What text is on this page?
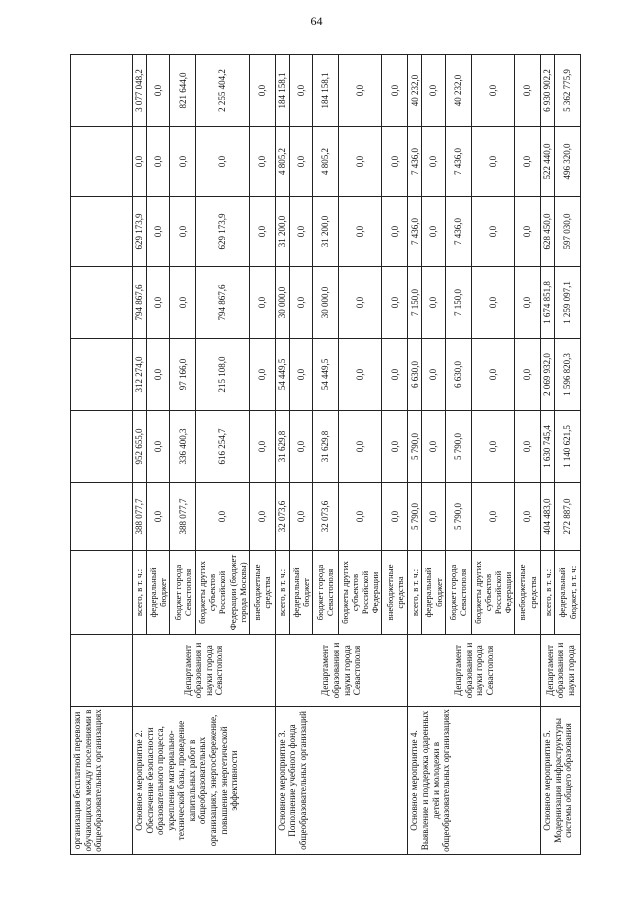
64
организация бесплатной перевозки обучающихся между поселениями в общеобразовательных организациях									
Основное мероприятие 2. Обеспечение безопасности образовательного процесса, укрепление материально-технической базы, проведение капитальных работ в общеобразовательных организациях, энергосбережение, повышение энергетической эффективности	Департамент образования и науки города Севастополя	всего, в т. ч.:	388 077,7	952 655,0	312 274,0	794 867,6	629 173,9	0,0	3 077 048,2
		федеральный бюджет	0,0	0,0	0,0	0,0	0,0	0,0	0,0
		бюджет города Севастополя	388 077,7	336 400,3	97 166,0	0,0	0,0	0,0	821 644,0
		бюджеты других субъектов Российской Федерации (бюджет города Москвы)	0,0	616 254,7	215 108,0	794 867,6	629 173,9	0,0	2 255 404,2
		внебюджетные средства	0,0	0,0	0,0	0,0	0,0	0,0	0,0
Основное мероприятие 3. Пополнение учебного фонда общеобразовательных организаций	Департамент образования и науки города Севастополя	всего, в т. ч.:	32 073,6	31 629,8	54 449,5	30 000,0	31 200,0	4 805,2	184 158,1
		федеральный бюджет	0,0	0,0	0,0	0,0	0,0	0,0	0,0
		бюджет города Севастополя	32 073,6	31 629,8	54 449,5	30 000,0	31 200,0	4 805,2	184 158,1
		бюджеты других субъектов Российской Федерации	0,0	0,0	0,0	0,0	0,0	0,0	0,0
		внебюджетные средства	0,0	0,0	0,0	0,0	0,0	0,0	0,0
Основное мероприятие 4. Выявление и поддержка одаренных детей и молодежи в общеобразовательных организациях	Департамент образования и науки города Севастополя	всего, в т. ч.:	5 790,0	5 790,0	6 630,0	7 150,0	7 436,0	7 436,0	40 232,0
		федеральный бюджет	0,0	0,0	0,0	0,0	0,0	0,0	0,0
		бюджет города Севастополя	5 790,0	5 790,0	6 630,0	7 150,0	7 436,0	7 436,0	40 232,0
		бюджеты других субъектов Российской Федерации	0,0	0,0	0,0	0,0	0,0	0,0	0,0
		внебюджетные средства	0,0	0,0	0,0	0,0	0,0	0,0	0,0
Основное мероприятие 5. Модернизация инфраструктуры системы общего образования	Департамент образования и науки города	всего, в т. ч.:	404 483,0	1 630 745,4	2 069 932,0	1 674 851,8	628 450,0	522 440,0	6 930 902,2
		федеральный бюджет, в т. ч:	272 887,0	1 140 621,5	1 596 820,3	1 259 097,1	597 030,0	496 320,0	5 362 775,9
